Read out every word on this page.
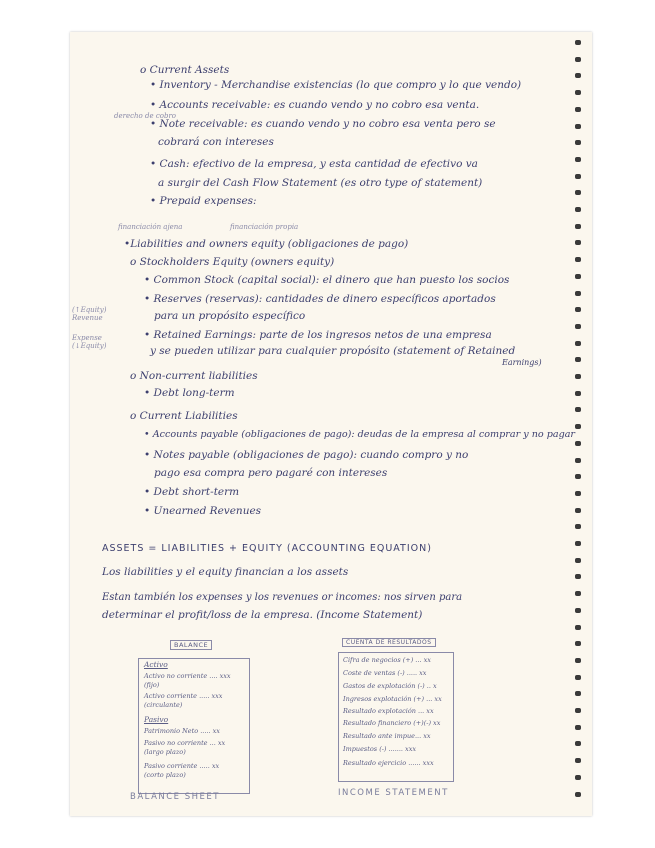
derecho de cobro
financiación ajena	financiación propia
(↑Equity) Revenue
Expense (↓Equity)
o Current Assets
• Inventory - Merchandise existencias (lo que compro y lo que vendo)
• Accounts receivable: es cuando vendo y no cobro esa venta.
• Note receivable: es cuando vendo y no cobro esa venta pero se
cobrará con intereses
• Cash: efectivo de la empresa, y esta cantidad de efectivo va
a surgir del Cash Flow Statement (es otro type of statement)
• Prepaid expenses:
•Liabilities and owners equity (obligaciones de pago)
o Stockholders Equity (owners equity)
• Common Stock (capital social): el dinero que han puesto los socios
• Reserves (reservas): cantidades de dinero específicos aportados
para un propósito específico
• Retained Earnings: parte de los ingresos netos de una empresa
y se pueden utilizar para cualquier propósito (statement of Retained
Earnings)
o Non-current liabilities
• Debt long-term
o Current Liabilities
• Accounts payable (obligaciones de pago): deudas de la empresa al comprar y no pagar
• Notes payable (obligaciones de pago): cuando compro y no
pago esa compra pero pagaré con intereses
• Debt short-term
• Unearned Revenues
ASSETS = LIABILITIES + EQUITY (ACCOUNTING EQUATION)
Los liabilities y el equity financian a los assets
Estan también los expenses y los revenues or incomes: nos sirven para
determinar el profit/loss de la empresa. (Income Statement)
BALANCE
Activo
Activo no corriente .... xxx
(fijo)
Activo corriente ..... xxx
(circulante)
Pasivo
Patrimonio Neto ..... xx
Pasivo no corriente ... xx
(largo plazo)
Pasivo corriente ..... xx
(corto plazo)
BALANCE SHEET
CUENTA DE RESULTADOS
Cifra de negocios (+) ... xx
Coste de ventas (-) ..... xx
Gastos de explotación (-) .. x
Ingresos explotación (+) ... xx
Resultado explotación ... xx
Resultado financiero (+)(-) xx
Resultado ante impue... xx
Impuestos (-) ....... xxx
Resultado ejercicio ...... xxx
INCOME STATEMENT
